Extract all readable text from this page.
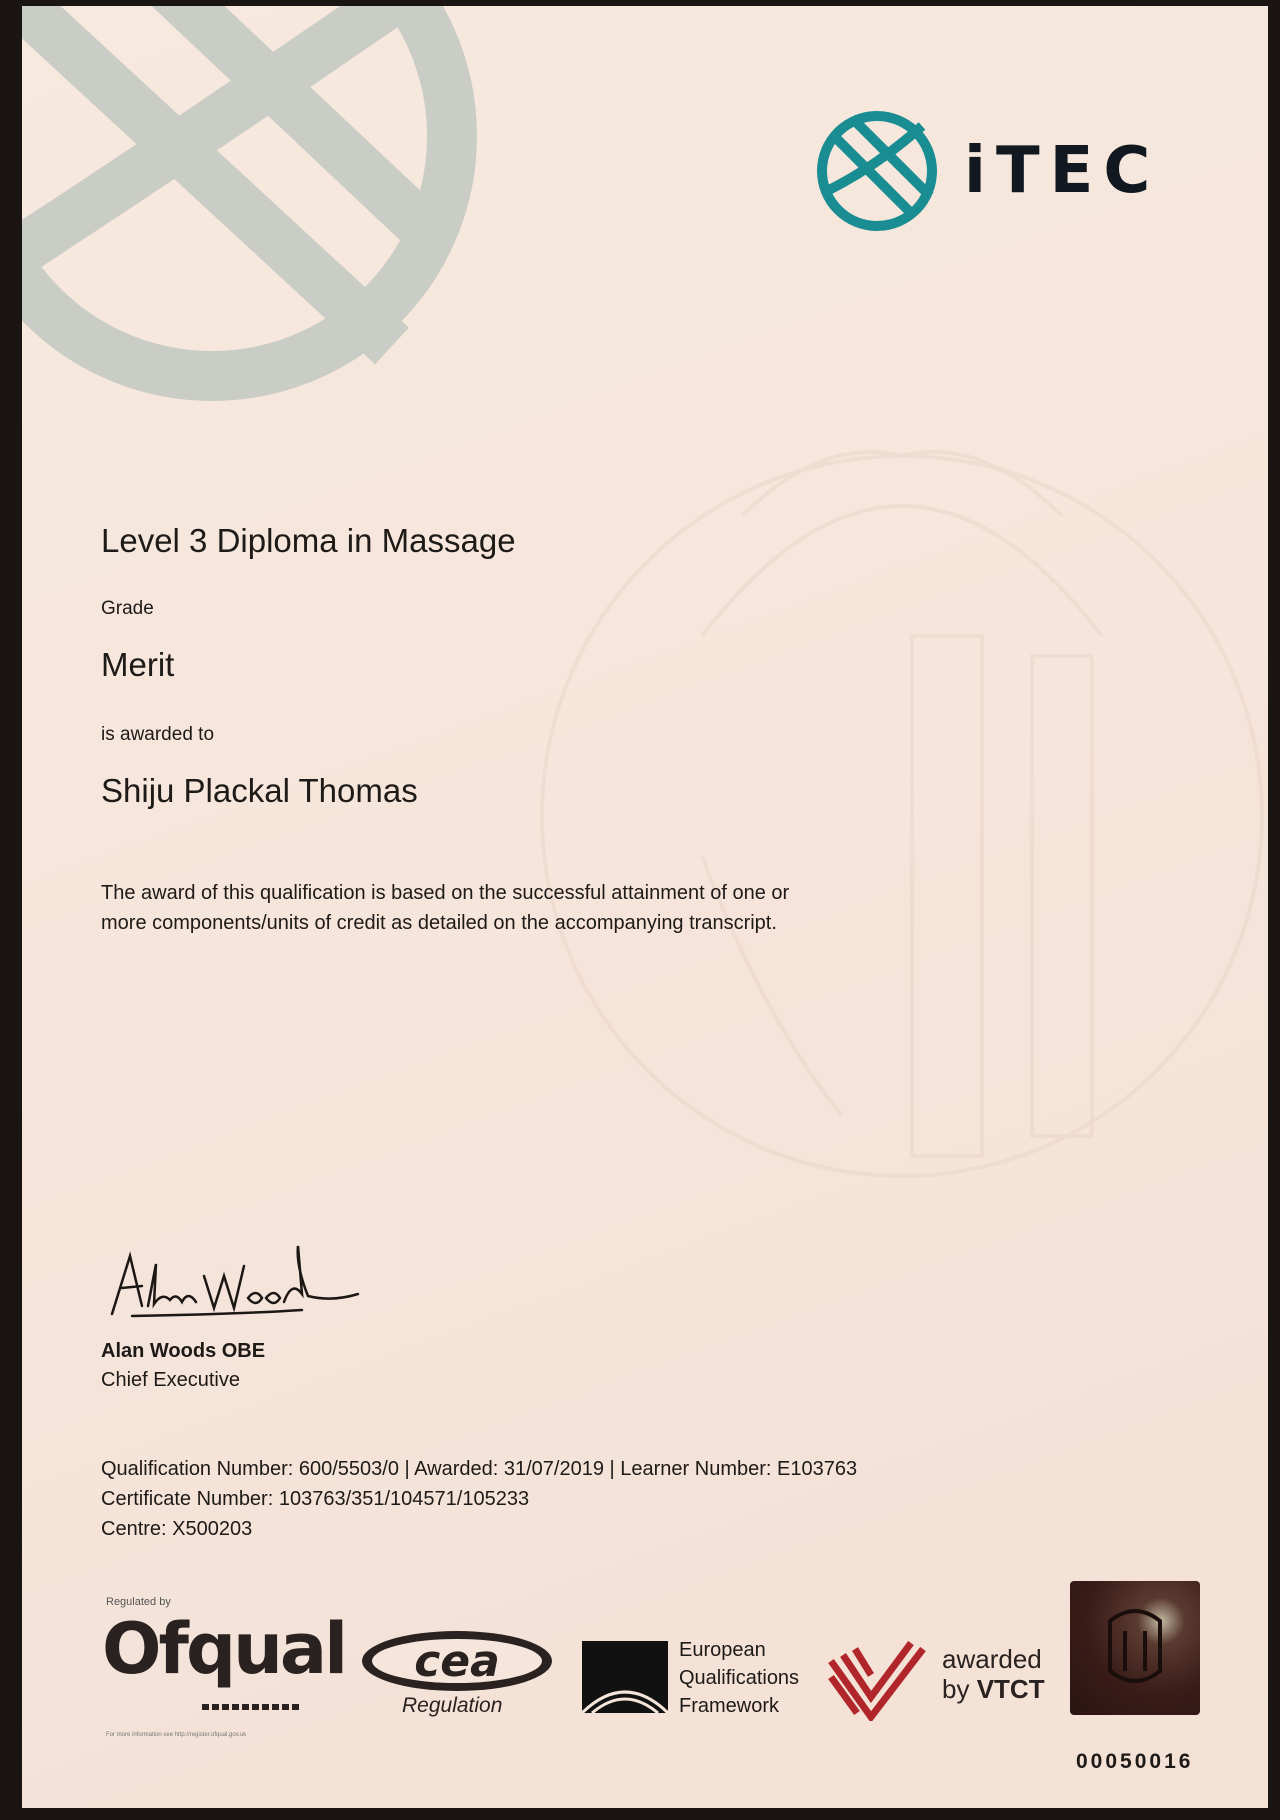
iTEC

Level 3 Diploma in Massage

Grade

Merit

is awarded to

Shiju Plackal Thomas

The award of this qualification is based on the successful attainment of one or
more components/units of credit as detailed on the accompanying transcript.

Alan Woods OBE

Chief Executive

Qualification Number: 600/5503/0 | Awarded: 31/07/2019 | Learner Number: E103763
Certificate Number: 103763/351/104571/105233
Centre: X500203
Regulated by
Ofqual
For more information see http://register.ofqual.gov.uk
cea
Regulation
European
Qualifications
Framework
awarded
by VTCT
00050016
